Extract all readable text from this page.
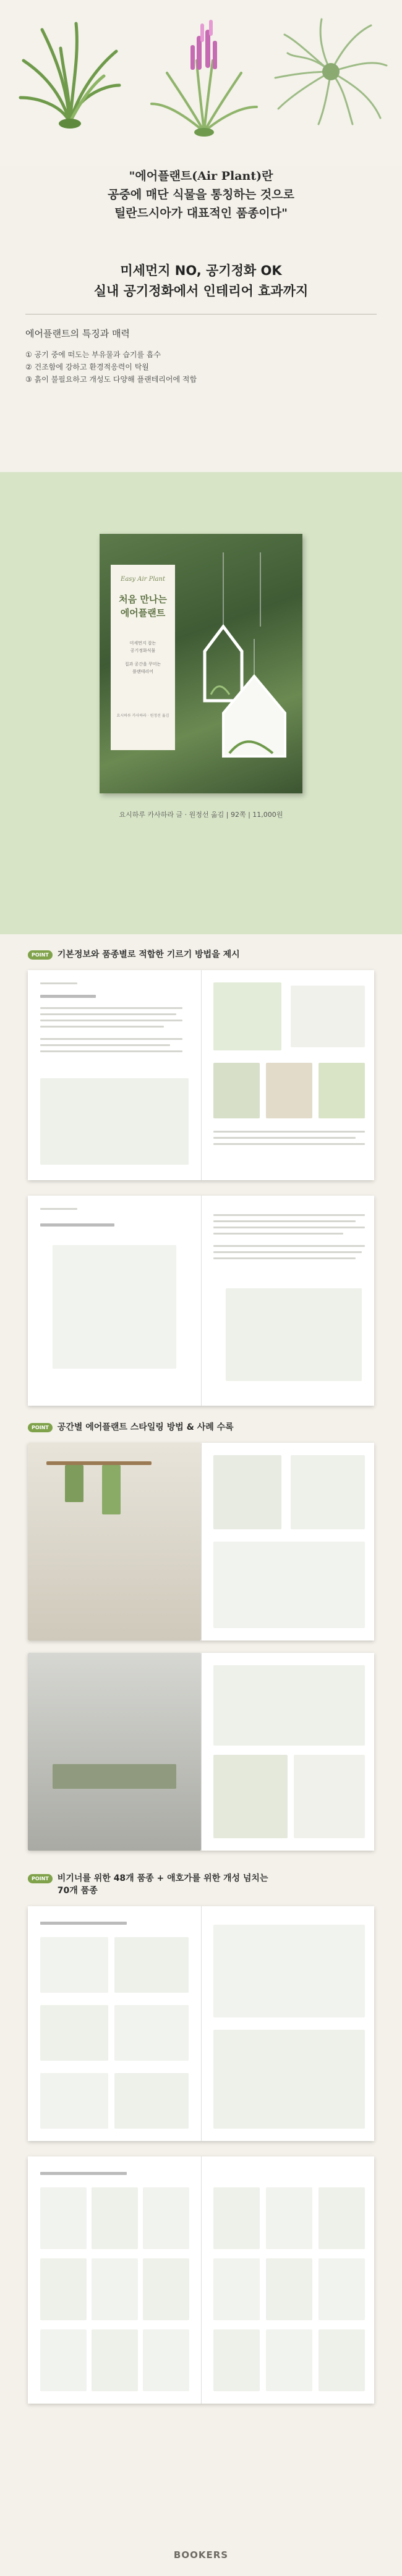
"에어플랜트(Air Plant)란
공중에 매단 식물을 통칭하는 것으로
틸란드시아가 대표적인 품종이다"
미세먼지 NO, 공기정화 OK
실내 공기정화에서 인테리어 효과까지
에어플랜트의 특징과 매력
① 공기 중에 떠도는 부유물과 습기를 흡수
② 건조함에 강하고 환경적응력이 탁월
③ 흙이 불필요하고 개성도 다양해 플랜테리어에 적합
Easy Air Plant
처음 만나는
에어플랜트
미세먼지 잡는
공기정화식물
집과 공간을 꾸미는
플랜테리어
요시하루 카사하라 · 원정선 옮김
요시하루 카사하라 글 · 원정선 옮김 | 92쪽 | 11,000원
POINT	기본정보와 품종별로 적합한 기르기 방법을 제시
POINT	공간별 에어플랜트 스타일링 방법 & 사례 수록
POINT	비기너를 위한 48개 품종 + 애호가를 위한 개성 넘치는
70개 품종
BOOKERS
